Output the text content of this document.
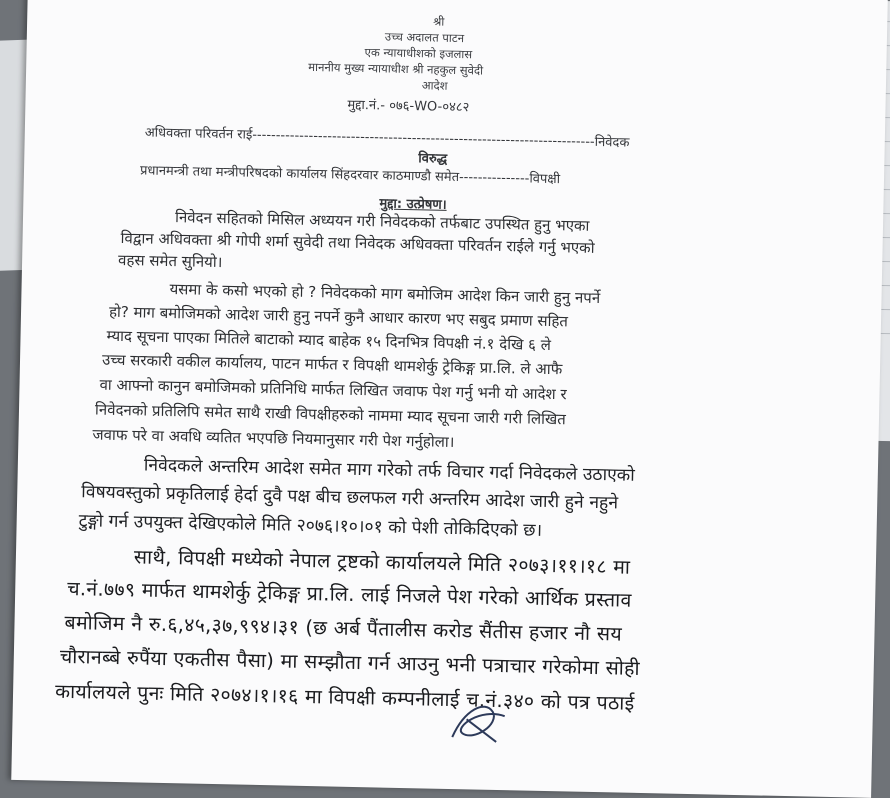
श्री
उच्च अदालत पाटन
एक न्यायाधीशको इजलास
माननीय मुख्य न्यायाधीश श्री नहकुल सुवेदी
आदेश
मुद्दा.नं.- ०७६-WO-०४८२
अधिवक्ता परिवर्तन राई-------------------------------------------------------------------------निवेदक
विरुद्ध
प्रधानमन्त्री तथा मन्त्रीपरिषदको कार्यालय सिंहदरवार काठमाण्डौ समेत---------------विपक्षी
मुद्दा: उत्प्रेषण।
निवेदन सहितको मिसिल अध्ययन गरी निवेदकको तर्फबाट उपस्थित हुनु भएका
विद्वान अधिवक्ता श्री गोपी शर्मा सुवेदी तथा निवेदक अधिवक्ता परिवर्तन राईले गर्नु भएको
वहस समेत सुनियो।
यसमा के कसो भएको हो ? निवेदकको माग बमोजिम आदेश किन जारी हुनु नपर्ने
हो? माग बमोजिमको आदेश जारी हुनु नपर्ने कुनै आधार कारण भए सबुद प्रमाण सहित
म्याद सूचना पाएका मितिले बाटाको म्याद बाहेक १५ दिनभित्र विपक्षी नं.१ देखि ६ ले
उच्च सरकारी वकील कार्यालय, पाटन मार्फत र विपक्षी थामशेर्कु ट्रेकिङ्ग प्रा.लि. ले आफै
वा आफ्नो कानुन बमोजिमको प्रतिनिधि मार्फत लिखित जवाफ पेश गर्नु भनी यो आदेश र
निवेदनको प्रतिलिपि समेत साथै राखी विपक्षीहरुको नाममा म्याद सूचना जारी गरी लिखित
जवाफ परे वा अवधि व्यतित भएपछि नियमानुसार गरी पेश गर्नुहोला।
निवेदकले अन्तरिम आदेश समेत माग गरेको तर्फ विचार गर्दा निवेदकले उठाएको
विषयवस्तुको प्रकृतिलाई हेर्दा दुवै पक्ष बीच छलफल गरी अन्तरिम आदेश जारी हुने नहुने
टुङ्गो गर्न उपयुक्त देखिएकोले मिति २०७६।१०।०१ को पेशी तोकिदिएको छ।
साथै, विपक्षी मध्येको नेपाल ट्रष्टको कार्यालयले मिति २०७३।११।१८ मा
च.नं.७७९ मार्फत थामशेर्कु ट्रेकिङ्ग प्रा.लि. लाई निजले पेश गरेको आर्थिक प्रस्ताव
बमोजिम नै रु.६,४५,३७,९९४।३१ (छ अर्ब पैंतालीस करोड सैंतीस हजार नौ सय
चौरानब्बे रुपैंया एकतीस पैसा) मा सम्झौता गर्न आउनु भनी पत्राचार गरेकोमा सोही
कार्यालयले पुनः मिति २०७४।१।१६ मा विपक्षी कम्पनीलाई च.नं.३४० को पत्र पठाई
